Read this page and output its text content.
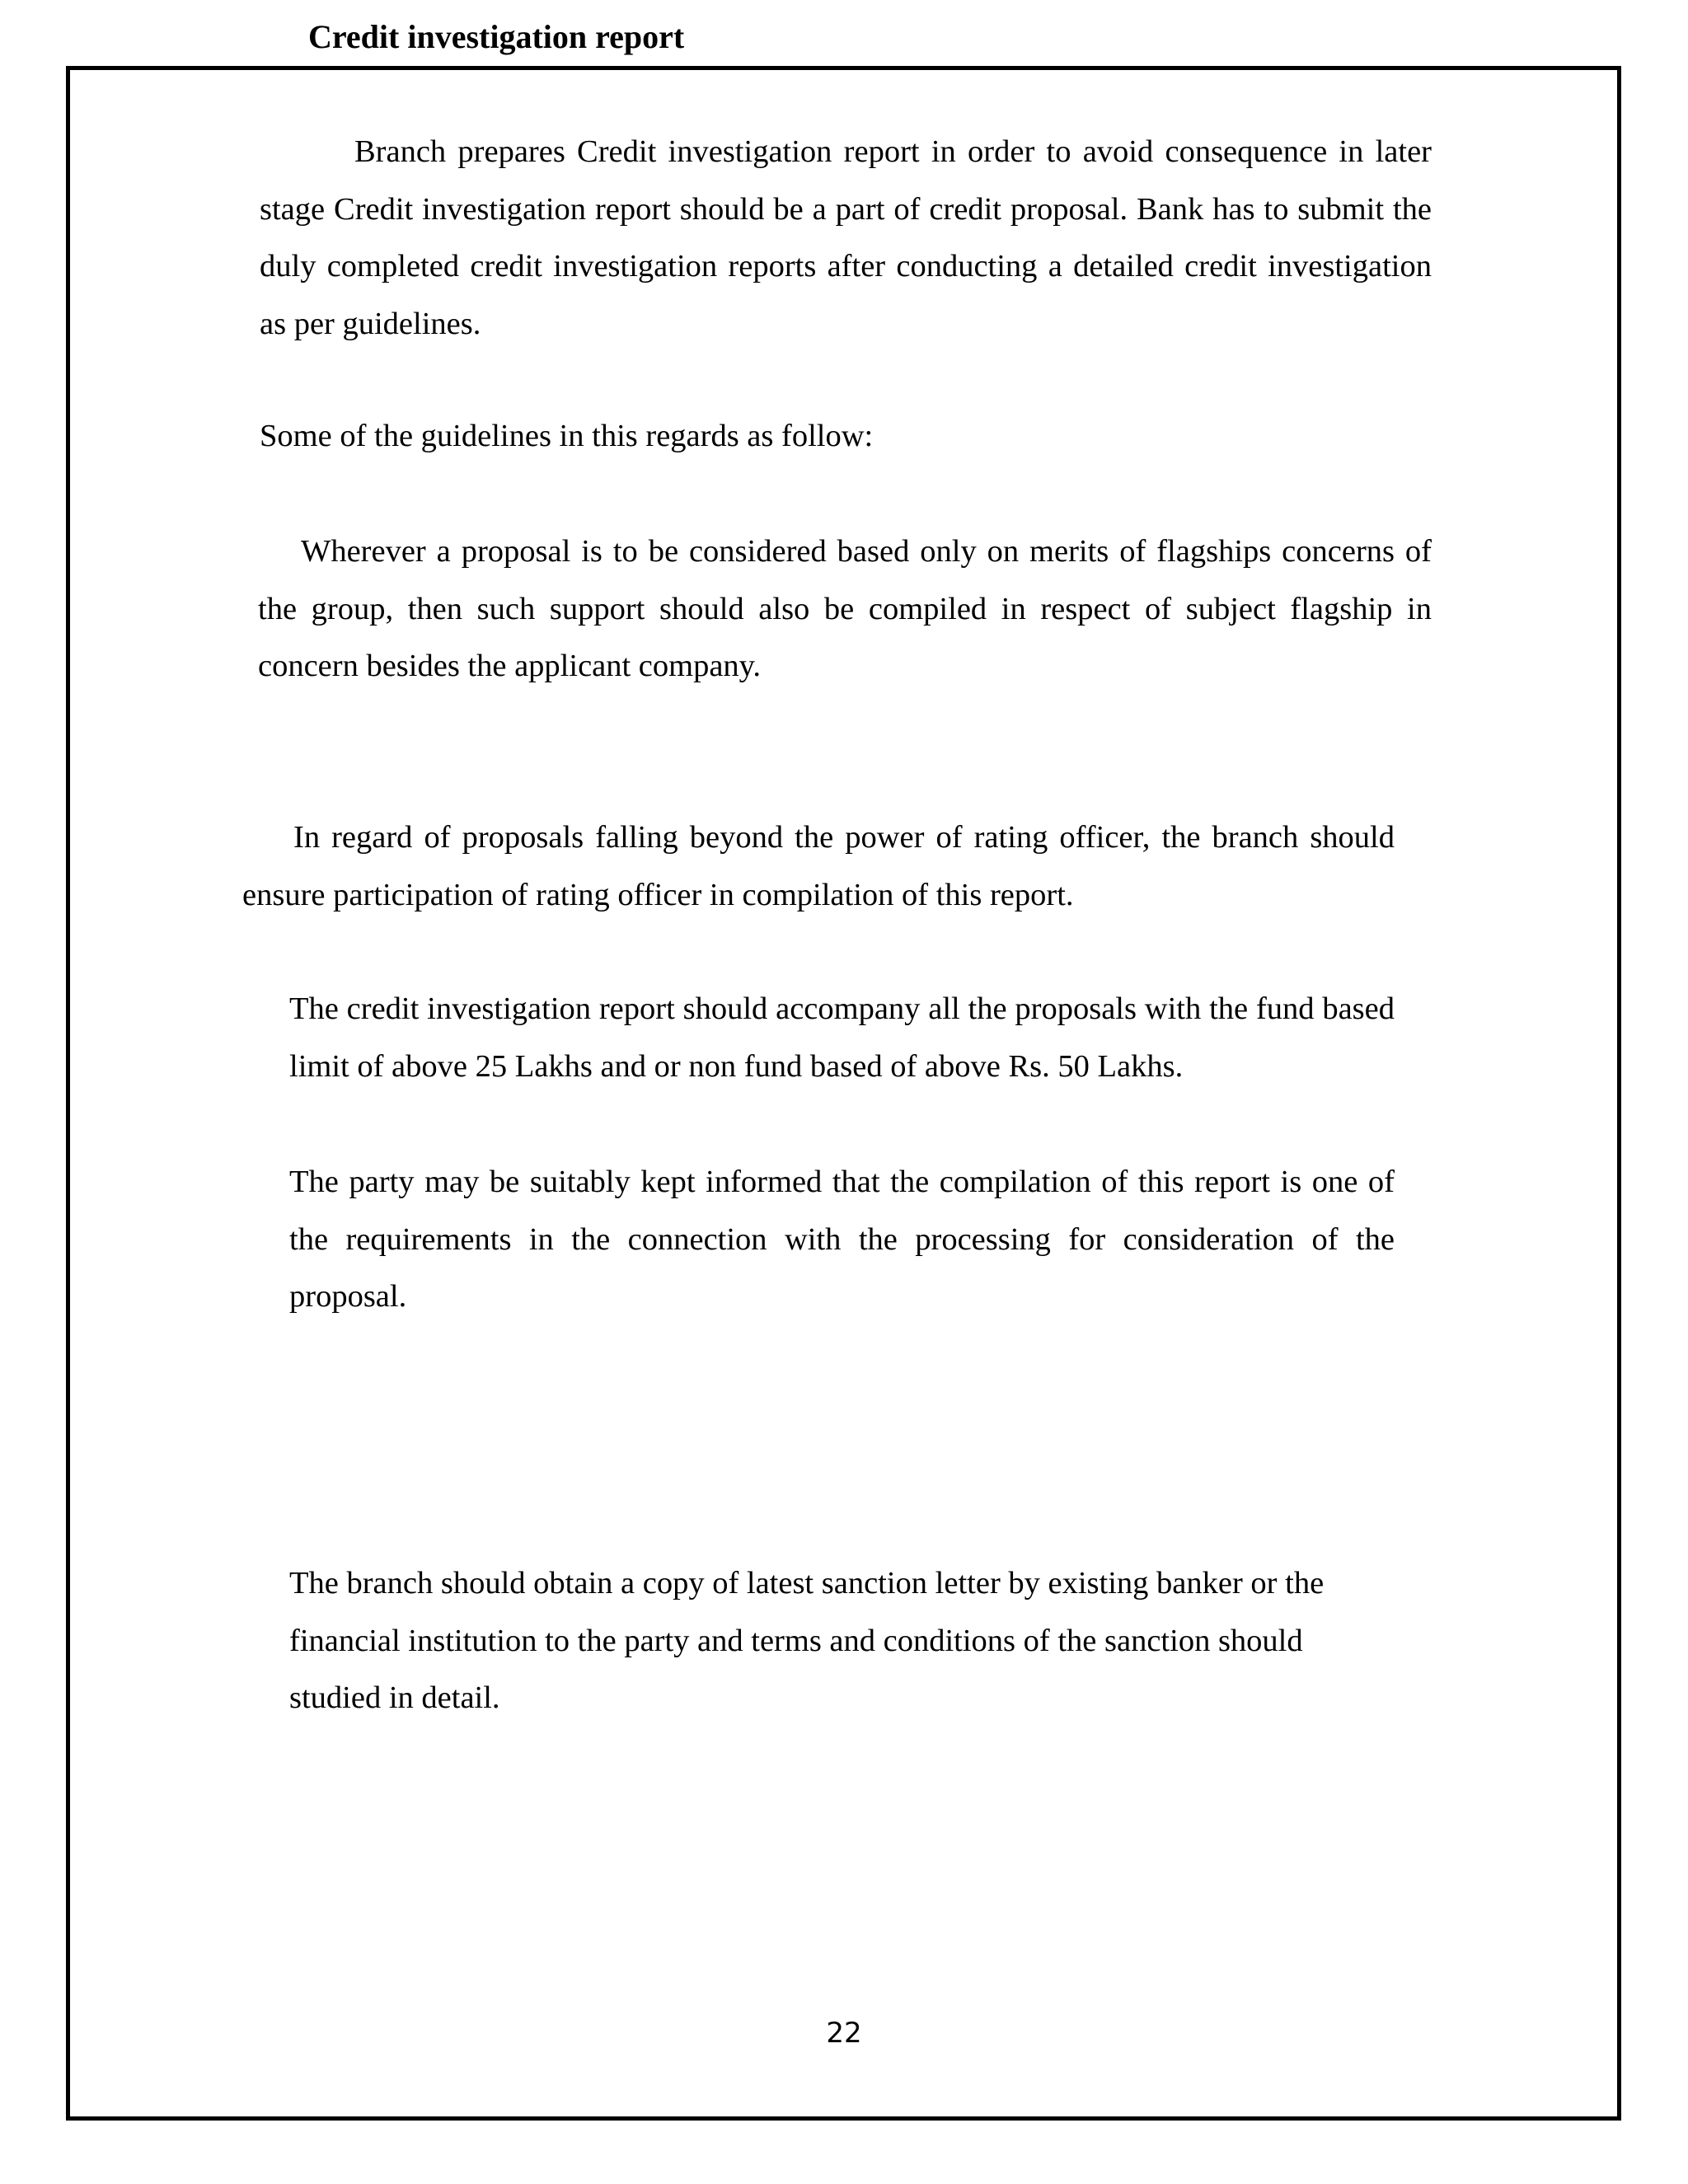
Credit investigation report

Branch prepares Credit investigation report in order to avoid consequence in later stage Credit investigation report should be a part of credit proposal. Bank has to submit the duly completed credit investigation reports after conducting a detailed credit investigation as per guidelines.

Some of the guidelines in this regards as follow:

Wherever a proposal is to be considered based only on merits of flagships concerns of the group, then such support should also be compiled in respect of subject flagship in concern besides the applicant company.

In regard of proposals falling beyond the power of rating officer, the branch should ensure participation of rating officer in compilation of this report.

The credit investigation report should accompany all the proposals with the fund based limit of above 25 Lakhs and or non fund based of above Rs. 50 Lakhs.

The party may be suitably kept informed that the compilation of this report is one of the requirements in the connection with the processing for consideration of the proposal.

The branch should obtain a copy of latest sanction letter by existing banker or the financial institution to the party and terms and conditions of the sanction should studied in detail.

22
